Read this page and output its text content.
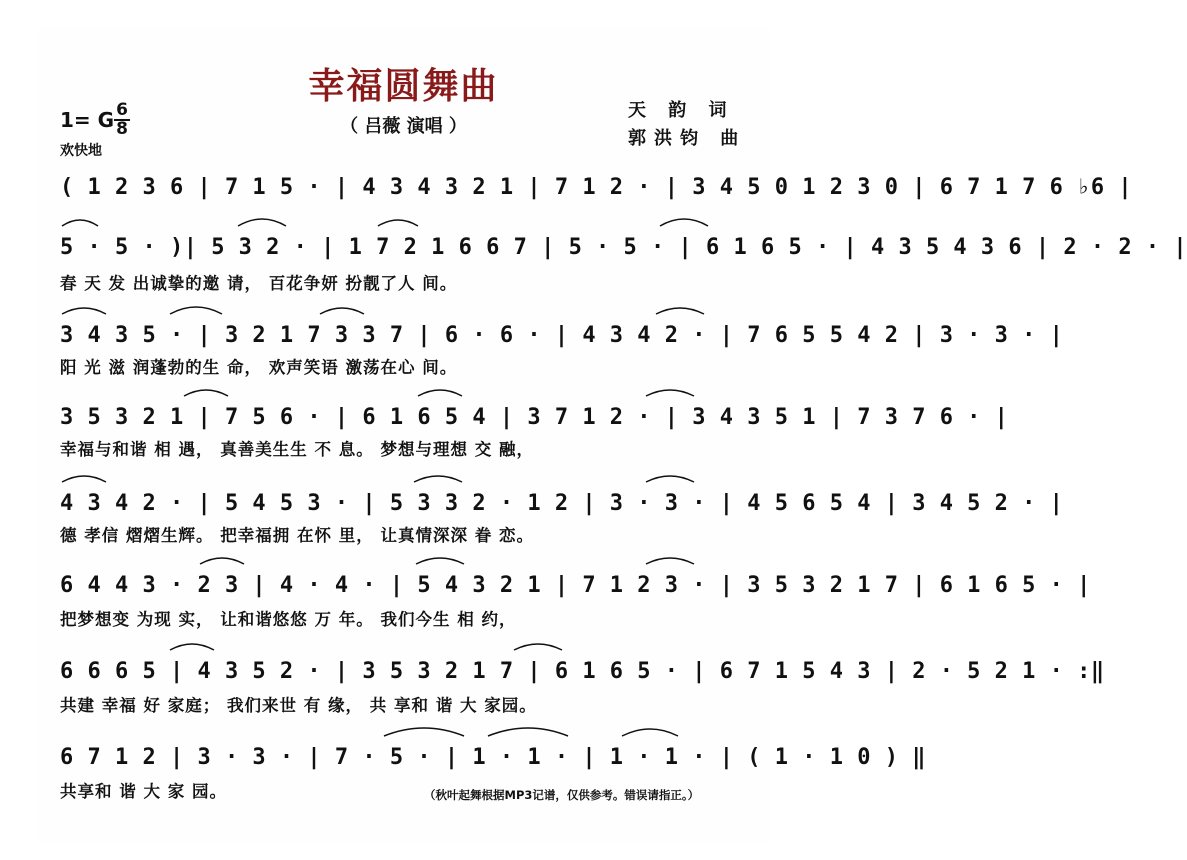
幸福圆舞曲
（ 吕薇 演唱 ）
天 韵 词
郭洪钧 曲
1= G 6
8
欢快地
( 1 2 3 6 | 7 1 5 · | 4 3 4 3 2 1 | 7 1 2 · | 3 4 5 0 1 2 3 0 | 6 7 1 7 6 ♭6 |
5 · 5 · )| 5 3 2 · | 1 7 2 1 6 6 7 | 5 · 5 · | 6 1 6 5 · | 4 3 5 4 3 6 | 2 · 2 · |
春 天 发 出诚挚的邀 请， 百花争妍 扮靓了人 间。
3 4 3 5 · | 3 2 1 7 3 3 7 | 6 · 6 · | 4 3 4 2 · | 7 6 5 5 4 2 | 3 · 3 · |
阳 光 滋 润蓬勃的生 命， 欢声笑语 激荡在心 间。
3 5 3 2 1 | 7 5 6 · | 6 1 6 5 4 | 3 7 1 2 · | 3 4 3 5 1 | 7 3 7 6 · |
幸福与和谐 相 遇， 真善美生生 不 息。 梦想与理想 交 融，
4 3 4 2 · | 5 4 5 3 · | 5 3 3 2 · 1 2 | 3 · 3 · | 4 5 6 5 4 | 3 4 5 2 · |
德 孝信 熠熠生辉。 把幸福拥 在怀 里， 让真情深深 眷 恋。
6 4 4 3 · 2 3 | 4 · 4 · | 5 4 3 2 1 | 7 1 2 3 · | 3 5 3 2 1 7 | 6 1 6 5 · |
把梦想变 为现 实， 让和谐悠悠 万 年。 我们今生 相 约，
6 6 6 5 | 4 3 5 2 · | 3 5 3 2 1 7 | 6 1 6 5 · | 6 7 1 5 4 3 | 2 · 5 2 1 · :‖
共建 幸福 好 家庭； 我们来世 有 缘， 共 享和 谐 大 家园。
6 7 1 2 | 3 · 3 · | 7 · 5 · | 1 · 1 · | 1 · 1 · | ( 1 · 1 0 ) ‖
共享和 谐 大 家 园。	（秋叶起舞根据MP3记谱，仅供参考。错误请指正。）
